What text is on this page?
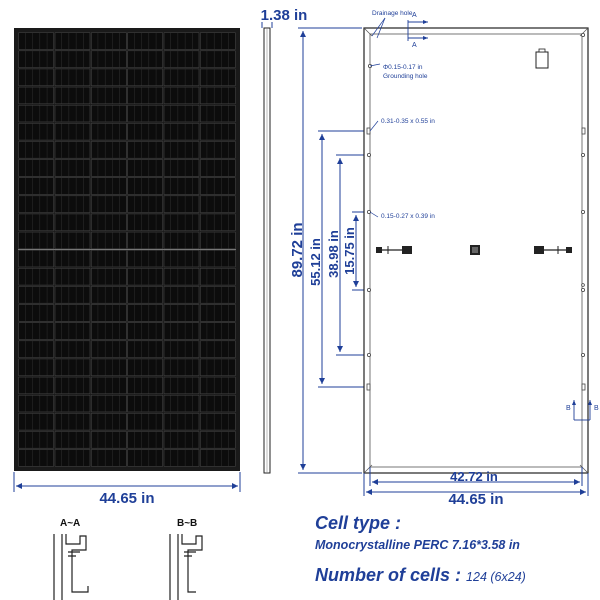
44.65 in
1.38 in
89.72 in 55.12 in 38.98 in 15.75 in
Drainage hole A
A
Φ0.15-0.17 in
Grounding hole
0.31-0.35 x 0.55 in
0.15-0.27 x 0.39 in
B	B
42.72 in
44.65 in
A~A	B~B	Cell type :
Monocrystalline PERC 7.16*3.58 in
Number of cells : 124 (6x24)
